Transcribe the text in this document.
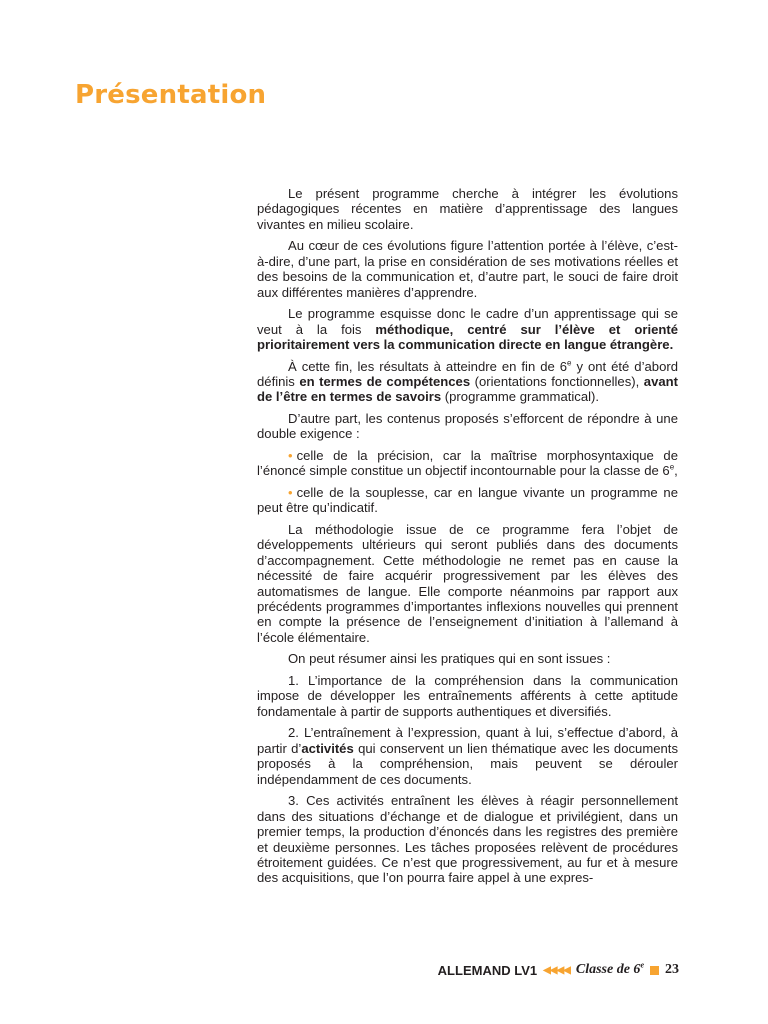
Présentation

Le présent programme cherche à intégrer les évolutions pédagogiques récentes en matière d’apprentissage des langues vivantes en milieu scolaire.

Au cœur de ces évolutions figure l’attention portée à l’élève, c’est-à-dire, d’une part, la prise en considération de ses motivations réelles et des besoins de la communication et, d’autre part, le souci de faire droit aux différentes manières d’apprendre.

Le programme esquisse donc le cadre d’un apprentissage qui se veut à la fois méthodique, centré sur l’élève et orienté prioritairement vers la communication directe en langue étrangère.

À cette fin, les résultats à atteindre en fin de 6e y ont été d’abord définis en termes de compétences (orientations fonctionnelles), avant de l’être en termes de savoirs (programme grammatical).

D’autre part, les contenus proposés s’efforcent de répondre à une double exigence :

• celle de la précision, car la maîtrise morphosyntaxique de l’énoncé simple constitue un objectif incontournable pour la classe de 6e,

• celle de la souplesse, car en langue vivante un programme ne peut être qu’indicatif.

La méthodologie issue de ce programme fera l’objet de développements ultérieurs qui seront publiés dans des documents d’accompagnement. Cette méthodologie ne remet pas en cause la nécessité de faire acquérir progressivement par les élèves des automatismes de langue. Elle comporte néanmoins par rapport aux précédents programmes d’importantes inflexions nouvelles qui prennent en compte la présence de l’enseignement d’initiation à l’allemand à l’école élémentaire.

On peut résumer ainsi les pratiques qui en sont issues :

1. L’importance de la compréhension dans la communication impose de développer les entraînements afférents à cette aptitude fondamentale à partir de supports authentiques et diversifiés.

2. L’entraînement à l’expression, quant à lui, s’effectue d’abord, à partir d’activités qui conservent un lien thématique avec les documents proposés à la compréhension, mais peuvent se dérouler indépendamment de ces documents.

3. Ces activités entraînent les élèves à réagir personnellement dans des situations d’échange et de dialogue et privilégient, dans un premier temps, la production d’énoncés dans les registres des première et deuxième personnes. Les tâches proposées relèvent de procédures étroitement guidées. Ce n’est que progressivement, au fur et à mesure des acquisitions, que l’on pourra faire appel à une expres-

ALLEMAND LV1 ◀◀◀◀ Classe de 6e 23
